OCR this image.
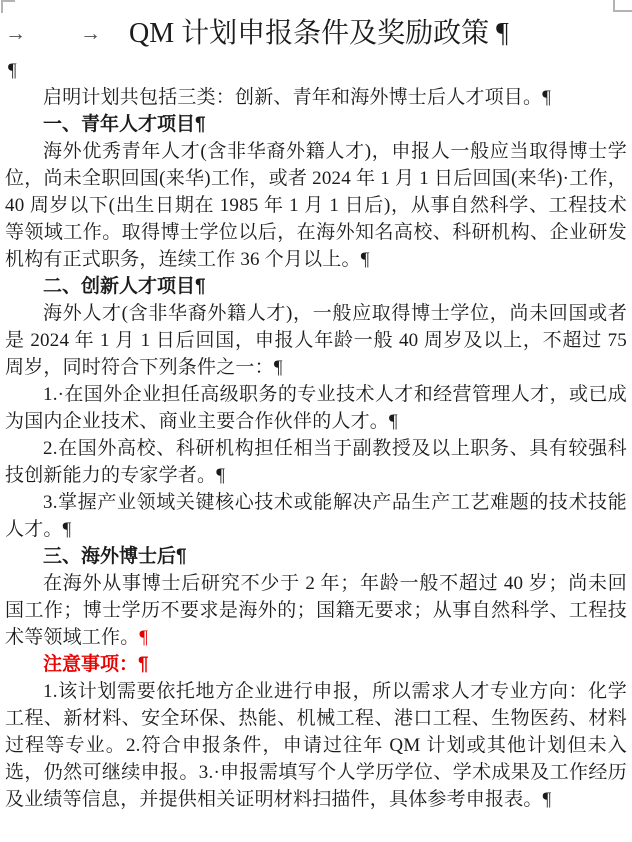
→	→ QM 计划申报条件及奖励政策 ¶

¶

启明计划共包括三类：创新、青年和海外博士后人才项目。¶

一、青年人才项目¶

海外优秀青年人才(含非华裔外籍人才)，申报人一般应当取得博士学位，尚未全职回国(来华)工作，或者 2024 年 1 月 1 日后回国(来华)·工作，40 周岁以下(出生日期在 1985 年 1 月 1 日后)，从事自然科学、工程技术等领域工作。取得博士学位以后，在海外知名高校、科研机构、企业研发机构有正式职务，连续工作 36 个月以上。¶

二、创新人才项目¶

海外人才(含非华裔外籍人才)，一般应取得博士学位，尚未回国或者是 2024 年 1 月 1 日后回国，申报人年龄一般 40 周岁及以上，不超过 75 周岁，同时符合下列条件之一：¶

1.·在国外企业担任高级职务的专业技术人才和经营管理人才，或已成为国内企业技术、商业主要合作伙伴的人才。¶

2.在国外高校、科研机构担任相当于副教授及以上职务、具有较强科技创新能力的专家学者。¶

3.掌握产业领域关键核心技术或能解决产品生产工艺难题的技术技能人才。¶

三、海外博士后¶

在海外从事博士后研究不少于 2 年；年龄一般不超过 40 岁；尚未回国工作；博士学历不要求是海外的；国籍无要求；从事自然科学、工程技术等领域工作。¶

注意事项：¶

1.该计划需要依托地方企业进行申报，所以需求人才专业方向：化学工程、新材料、安全环保、热能、机械工程、港口工程、生物医药、材料过程等专业。2.符合申报条件，申请过往年 QM 计划或其他计划但未入选，仍然可继续申报。3.·申报需填写个人学历学位、学术成果及工作经历及业绩等信息，并提供相关证明材料扫描件，具体参考申报表。¶
